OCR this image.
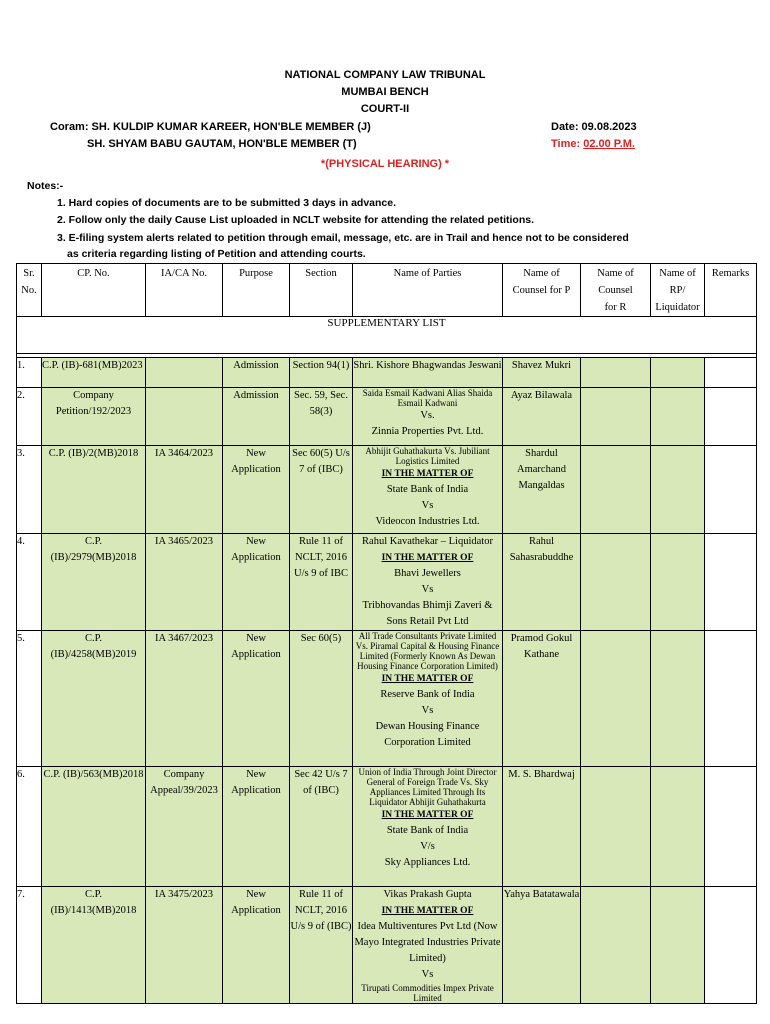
NATIONAL COMPANY LAW TRIBUNAL
MUMBAI BENCH
COURT-II
Coram: SH. KULDIP KUMAR KAREER, HON'BLE MEMBER (J)
SH. SHYAM BABU GAUTAM, HON'BLE MEMBER (T)
Date: 09.08.2023
Time: 02.00 P.M.
*(PHYSICAL HEARING) *
Notes:-
1. Hard copies of documents are to be submitted 3 days in advance.
2. Follow only the daily Cause List uploaded in NCLT website for attending the related petitions.
3. E-filing system alerts related to petition through email, message, etc. are in Trail and hence not to be considered
as criteria regarding listing of Petition and attending courts.
Sr.
No.	CP. No.	IA/CA No.	Purpose	Section	Name of Parties	Name of
Counsel for P	Name of Counsel
for R	Name of RP/
Liquidator	Remarks
SUPPLEMENTARY LIST									

1.	C.P. (IB)-681(MB)2023		Admission	Section 94(1)	Shri. Kishore Bhagwandas Jeswani	Shavez Mukri			
2.	Company Petition/192/2023		Admission	Sec. 59, Sec. 58(3)	Saida Esmail Kadwani Alias Shaida Esmail Kadwani
Vs.
Zinnia Properties Pvt. Ltd.	Ayaz Bilawala			
3.	C.P. (IB)/2(MB)2018	IA 3464/2023	New Application	Sec 60(5) U/s 7 of (IBC)	Abhijit Guhathakurta Vs. Jubiliant Logistics Limited
IN THE MATTER OF
State Bank of India
Vs
Videocon Industries Ltd.	Shardul Amarchand Mangaldas			
4.	C.P. (IB)/2979(MB)2018	IA 3465/2023	New Application	Rule 11 of NCLT, 2016 U/s 9 of IBC	Rahul Kavathekar – Liquidator
IN THE MATTER OF
Bhavi Jewellers
Vs
Tribhovandas Bhimji Zaveri & Sons Retail Pvt Ltd	Rahul Sahasrabuddhe			
5.	C.P. (IB)/4258(MB)2019	IA 3467/2023	New Application	Sec 60(5)	All Trade Consultants Private Limited Vs. Piramal Capital & Housing Finance Limited (Formerly Known As Dewan Housing Finance Corporation Limited)
IN THE MATTER OF
Reserve Bank of India
Vs
Dewan Housing Finance Corporation Limited	Pramod Gokul Kathane			
6.	C.P. (IB)/563(MB)2018	Company Appeal/39/2023	New Application	Sec 42 U/s 7 of (IBC)	Union of India Through Joint Director General of Foreign Trade Vs. Sky Appliances Limited Through Its Liquidator Abhijit Guhathakurta
IN THE MATTER OF
State Bank of India
V/s
Sky Appliances Ltd.	M. S. Bhardwaj			
7.	C.P. (IB)/1413(MB)2018	IA 3475/2023	New Application	Rule 11 of NCLT, 2016 U/s 9 of (IBC)	Vikas Prakash Gupta
IN THE MATTER OF
Idea Multiventures Pvt Ltd (Now Mayo Integrated Industries Private Limited)
Vs
Tirupati Commodities Impex Private Limited	Yahya Batatawala			
